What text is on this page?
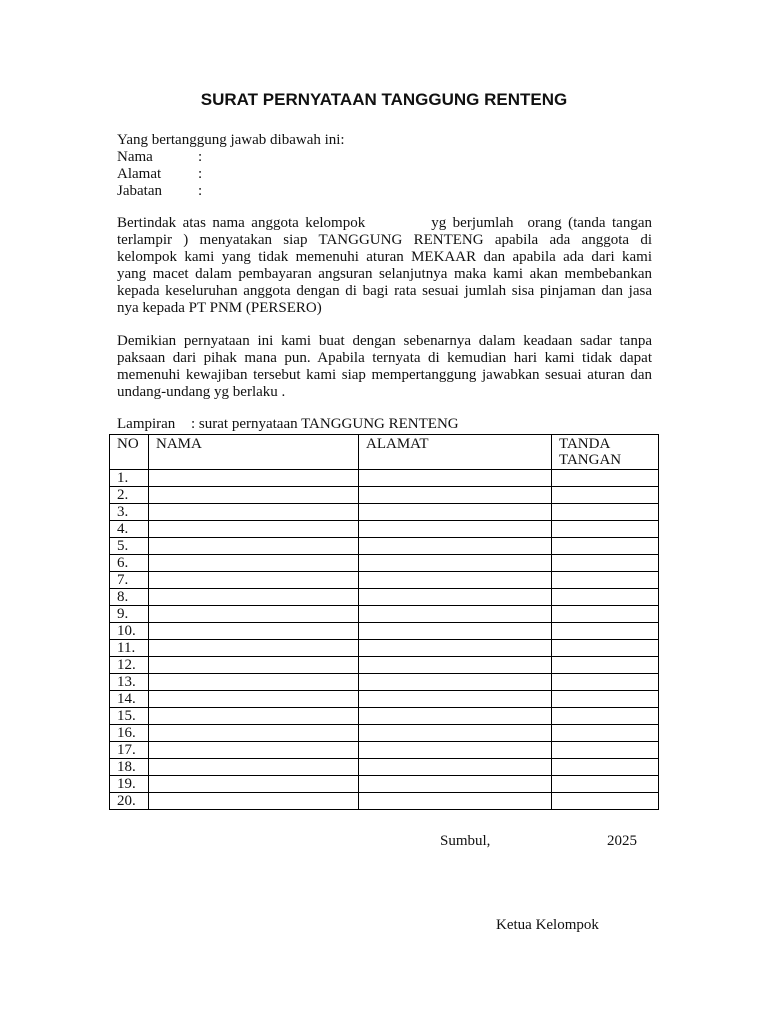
SURAT PERNYATAAN TANGGUNG RENTENG
Yang bertanggung jawab dibawah ini:
Nama	:
Alamat :
Jabatan :
Bertindak atas nama anggota kelompok	yg berjumlah orang (tanda tangan
terlampir ) menyatakan siap TANGGUNG RENTENG apabila ada anggota di
kelompok kami yang tidak memenuhi aturan MEKAAR dan apabila ada dari kami
yang macet dalam pembayaran angsuran selanjutnya maka kami akan membebankan
kepada keseluruhan anggota dengan di bagi rata sesuai jumlah sisa pinjaman dan jasa
nya kepada PT PNM (PERSERO)
Demikian pernyataan ini kami buat dengan sebenarnya dalam keadaan sadar tanpa
paksaan dari pihak mana pun. Apabila ternyata di kemudian hari kami tidak dapat
memenuhi kewajiban tersebut kami siap mempertanggung jawabkan sesuai aturan dan
undang-undang yg berlaku .
Lampiran : surat pernyataan TANGGUNG RENTENG
NO	NAMA	ALAMAT	TANDA TANGAN
1.			
2.			
3.			
4.			
5.			
6.			
7.			
8.			
9.			
10.			
11.			
12.			
13.			
14.			
15.			
16.			
17.			
18.			
19.			
20.			
Sumbul,	2025
Ketua Kelompok
